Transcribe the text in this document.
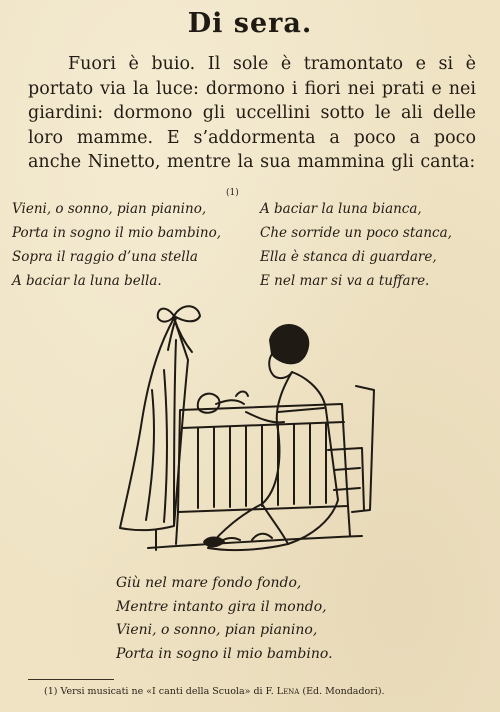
Di sera.

Fuori è buio. Il sole è tramontato e si è portato via la luce: dormono i fiori nei prati e nei giardini: dormono gli uccellini sotto le ali delle loro mamme. E s’addormenta a poco a poco anche Ninetto, mentre la sua mammina gli canta:

(1)
Vieni, o sonno, pian pianino,
Porta in sogno il mio bambino,
Sopra il raggio d’una stella
A baciar la luna bella.
A baciar la luna bianca,
Che sorride un poco stanca,
Ella è stanca di guardare,
E nel mar si va a tuffare.
Giù nel mare fondo fondo,
Mentre intanto gira il mondo,
Vieni, o sonno, pian pianino,
Porta in sogno il mio bambino.
(1) Versi musicati ne «I canti della Scuola» di F. Lena (Ed. Mondadori).
